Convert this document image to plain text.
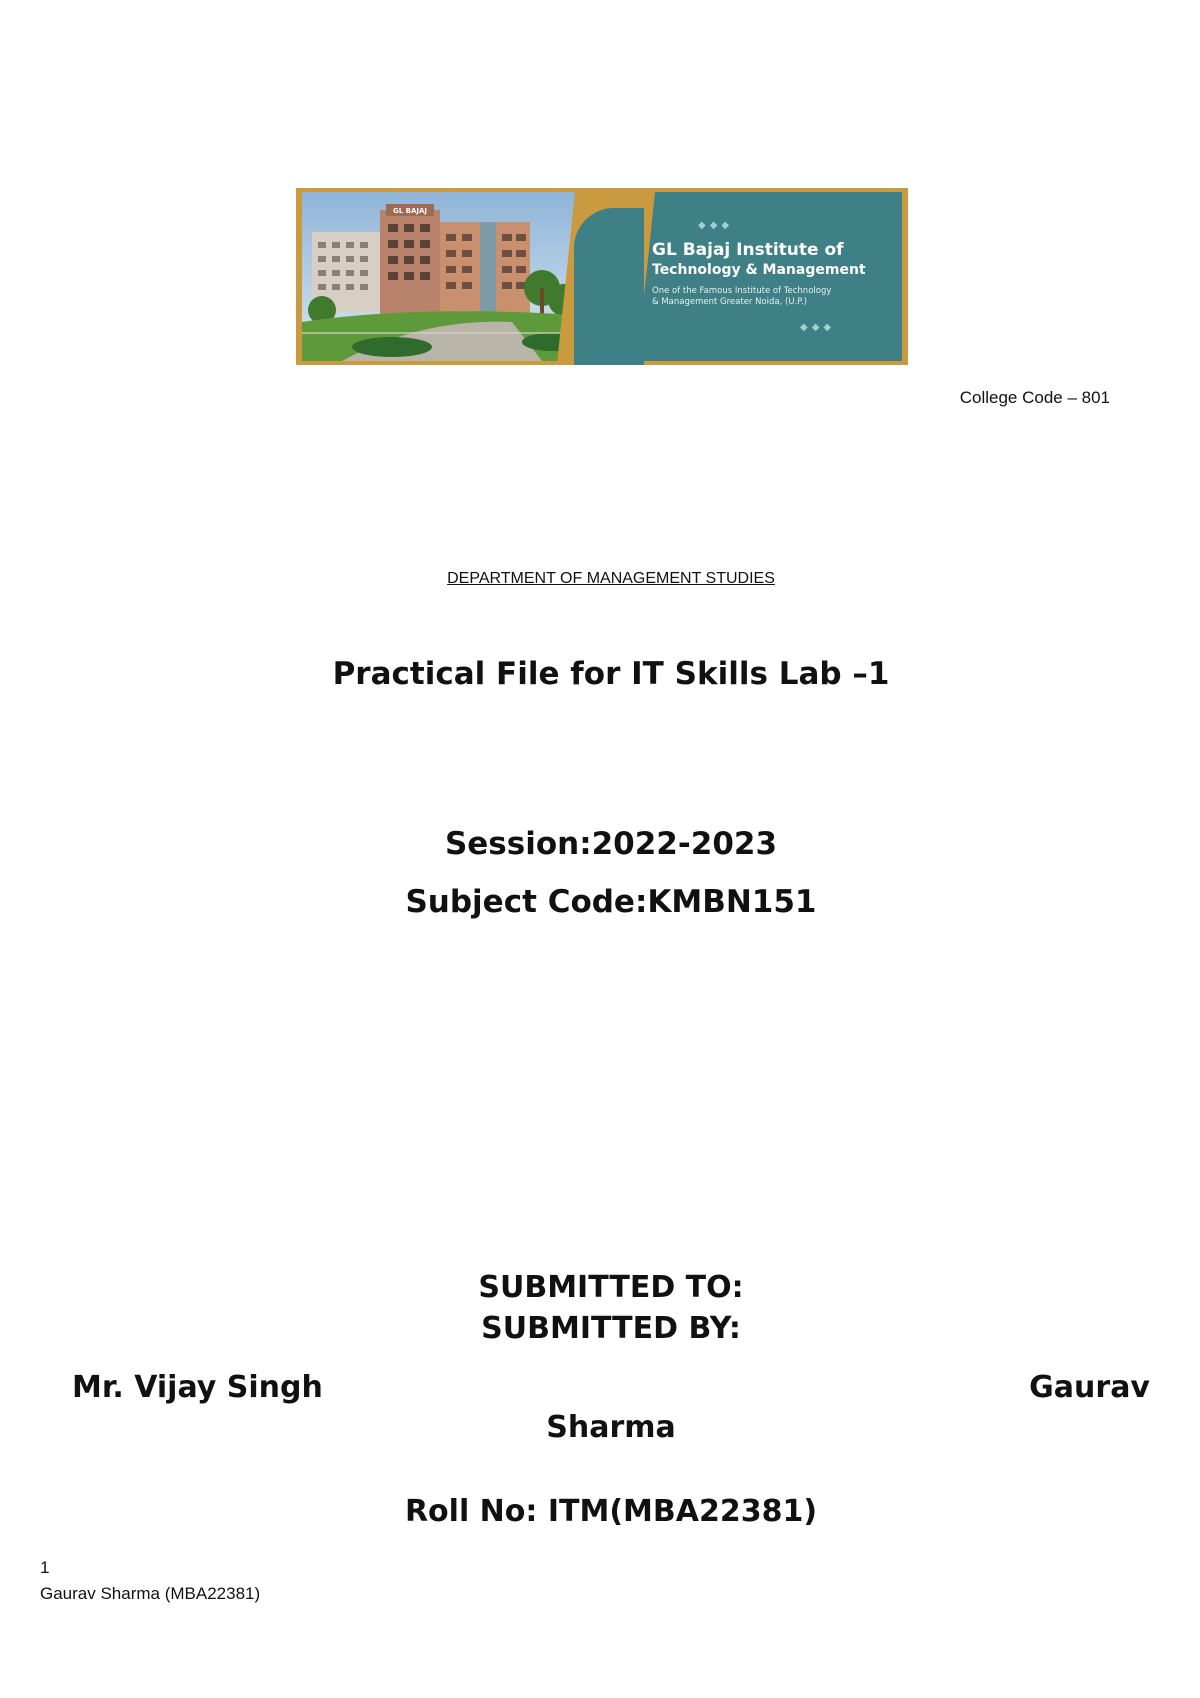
GL BAJAJ
◆◆◆
◆◆◆
GL Bajaj Institute of
Technology & Management
One of the Famous Institute of Technology
& Management Greater Noida, (U.P.)
College Code – 801
DEPARTMENT OF MANAGEMENT STUDIES
Practical File for IT Skills Lab –1
Session:2022-2023
Subject Code:KMBN151
SUBMITTED TO:
SUBMITTED BY:
Mr. Vijay Singh	Gaurav
Sharma
Roll No: ITM(MBA22381)
1
Gaurav Sharma (MBA22381)
